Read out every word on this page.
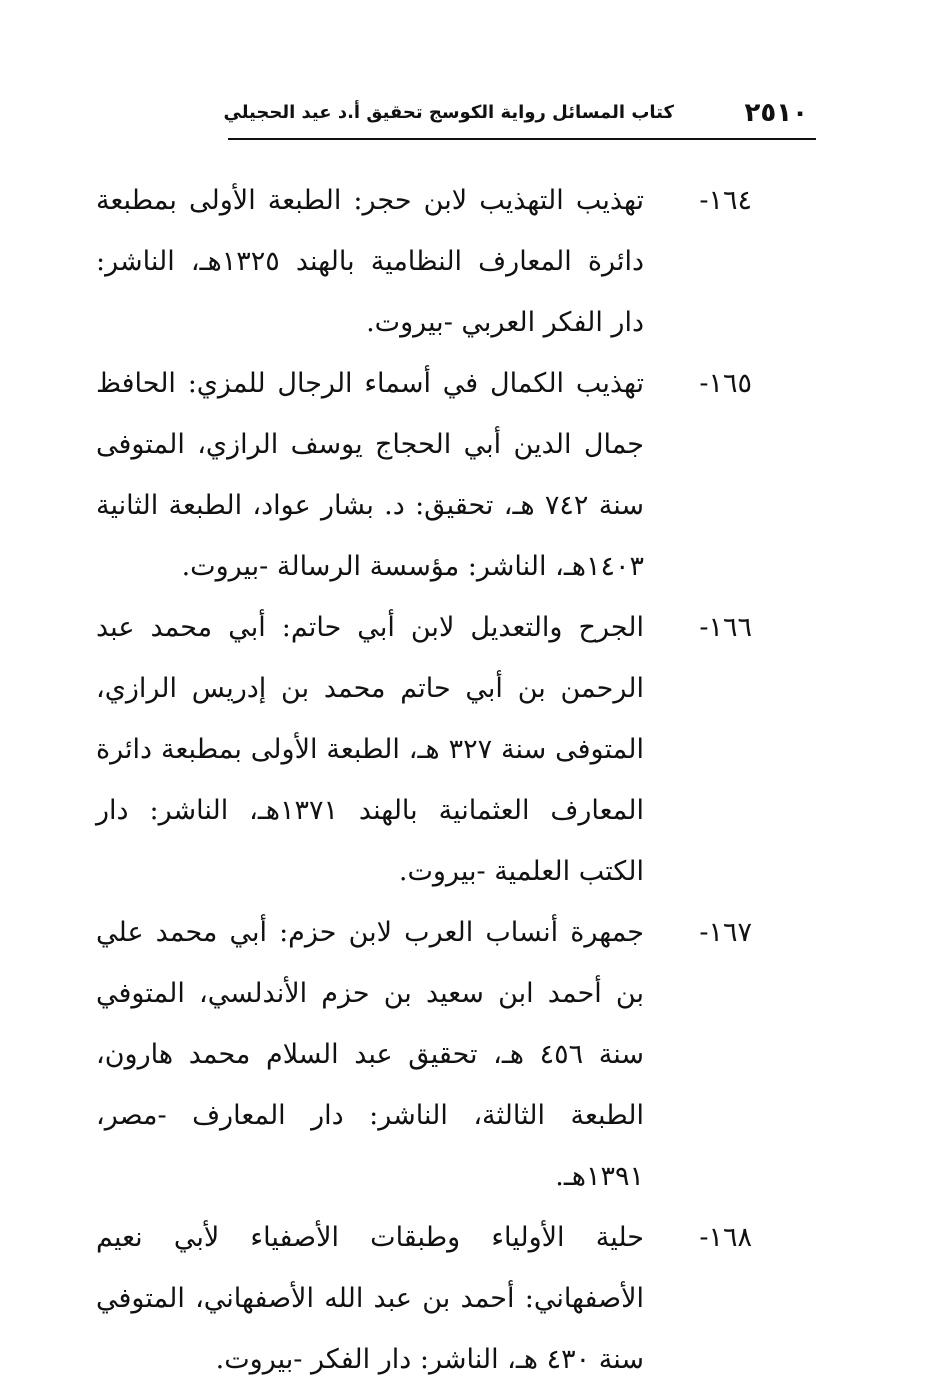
٢٥١٠
كتاب المسائل رواية الكوسج تحقيق أ.د عيد الحجيلي
١٦٤-
تهذيب التهذيب لابن حجر: الطبعة الأولى بمطبعة دائرة المعارف النظامية بالهند ١٣٢٥هـ، الناشر: دار الفكر العربي -بيروت.
١٦٥-
تهذيب الكمال في أسماء الرجال للمزي: الحافظ جمال الدين أبي الحجاج يوسف الرازي، المتوفى سنة ٧٤٢ هـ، تحقيق: د. بشار عواد، الطبعة الثانية ١٤٠٣هـ، الناشر: مؤسسة الرسالة -بيروت.
١٦٦-
الجرح والتعديل لابن أبي حاتم: أبي محمد عبد الرحمن بن أبي حاتم محمد بن إدريس الرازي، المتوفى سنة ٣٢٧ هـ، الطبعة الأولى بمطبعة دائرة المعارف العثمانية بالهند ١٣٧١هـ، الناشر: دار الكتب العلمية -بيروت.
١٦٧-
جمهرة أنساب العرب لابن حزم: أبي محمد علي بن أحمد ابن سعيد بن حزم الأندلسي، المتوفي سنة ٤٥٦ هـ، تحقيق عبد السلام محمد هارون، الطبعة الثالثة، الناشر: دار المعارف -مصر، ١٣٩١هـ.
١٦٨-
حلية الأولياء وطبقات الأصفياء لأبي نعيم الأصفهاني: أحمد بن عبد الله الأصفهاني، المتوفي سنة ٤٣٠ هـ، الناشر: دار الفكر -بيروت.
